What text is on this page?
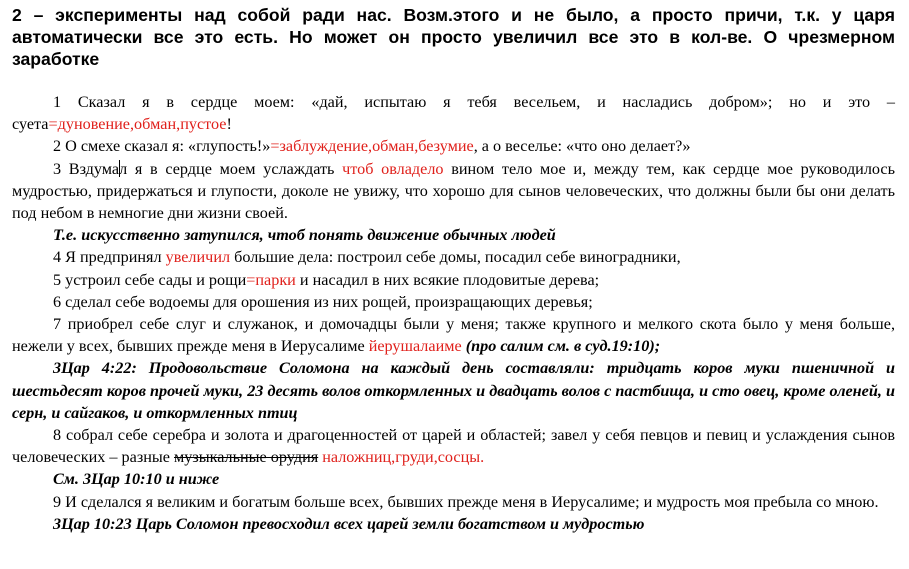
2 – эксперименты над собой ради нас. Возм.этого и не было, а просто причи, т.к. у царя автоматически все это есть. Но может он просто увеличил все это в кол-ве. О чрезмерном заработке

1 Сказал я в сердце моем: «дай, испытаю я тебя весельем, и насладись добром»; но и это – суета=дуновение,обман,пустое!

2 О смехе сказал я: «глупость!»=заблуждение,обман,безумие, а о веселье: «что оно делает?»

3 Вздумал я в сердце моем услаждать чтоб овладело вином тело мое и, между тем, как сердце мое руководилось мудростью, придержаться и глупости, доколе не увижу, что хорошо для сынов человеческих, что должны были бы они делать под небом в немногие дни жизни своей.

Т.е. искусственно затупился, чтоб понять движение обычных людей

4 Я предпринял увеличил большие дела: построил себе домы, посадил себе виноградники,

5 устроил себе сады и рощи=парки и насадил в них всякие плодовитые дерева;

6 сделал себе водоемы для орошения из них рощей, произращающих деревья;

7 приобрел себе слуг и служанок, и домочадцы были у меня; также крупного и мелкого скота было у меня больше, нежели у всех, бывших прежде меня в Иерусалиме йерушалаиме (про салим см. в суд.19:10);

3Цар 4:22: Продовольствие Соломона на каждый день составляли: тридцать коров муки пшеничной и шестьдесят коров прочей муки, 23 десять волов откормленных и двадцать волов с пастбища, и сто овец, кроме оленей, и серн, и сайгаков, и откормленных птиц

8 собрал себе серебра и золота и драгоценностей от царей и областей; завел у себя певцов и певиц и услаждения сынов человеческих – разные музыкальные орудия наложниц,груди,сосцы.

См. 3Цар 10:10 и ниже

9 И сделался я великим и богатым больше всех, бывших прежде меня в Иерусалиме; и мудрость моя пребыла со мною.

3Цар 10:23 Царь Соломон превосходил всех царей земли богатством и мудростью
